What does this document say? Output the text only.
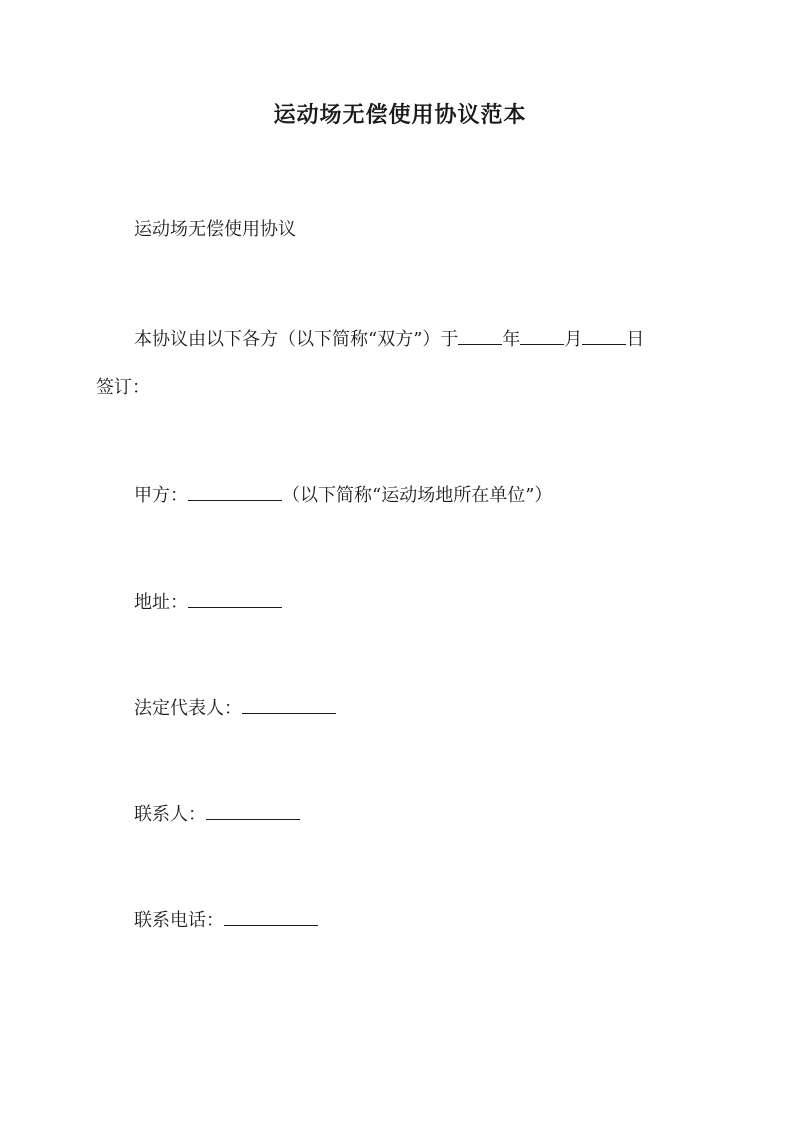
运动场无偿使用协议范本

运动场无偿使用协议

本协议由以下各方（以下简称“双方”）于 年 月 日

签订：

甲方：	（以下简称“运动场地所在单位”）

地址：

法定代表人：

联系人：

联系电话：
